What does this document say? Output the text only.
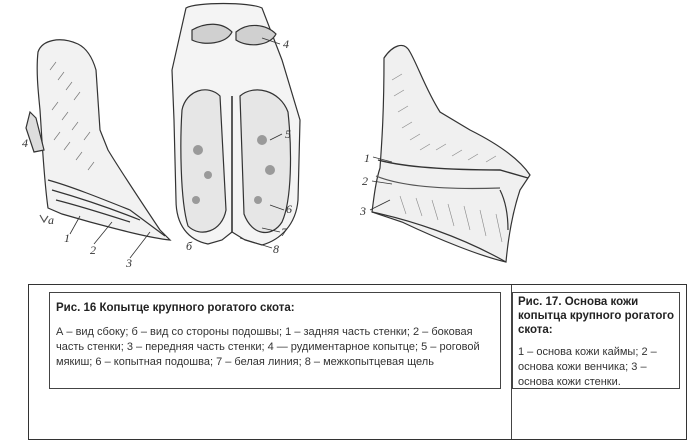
4
а
1
2
3
4
5
6
7
8
б
1
2
3

Рис. 16 Копытце крупного рогатого скота:

А – вид сбоку; б – вид со стороны подошвы; 1 – задняя часть стенки; 2 – боковая часть стенки; 3 – передняя часть стенки; 4 — рудиментарное копытце; 5 – роговой мякиш; 6 – копытная подошва; 7 – белая линия; 8 – межкопытцевая щель

Рис. 17. Основа кожи копытца крупного рогатого скота:

1 – основа кожи каймы; 2 – основа кожи венчика; 3 – основа кожи стенки.
